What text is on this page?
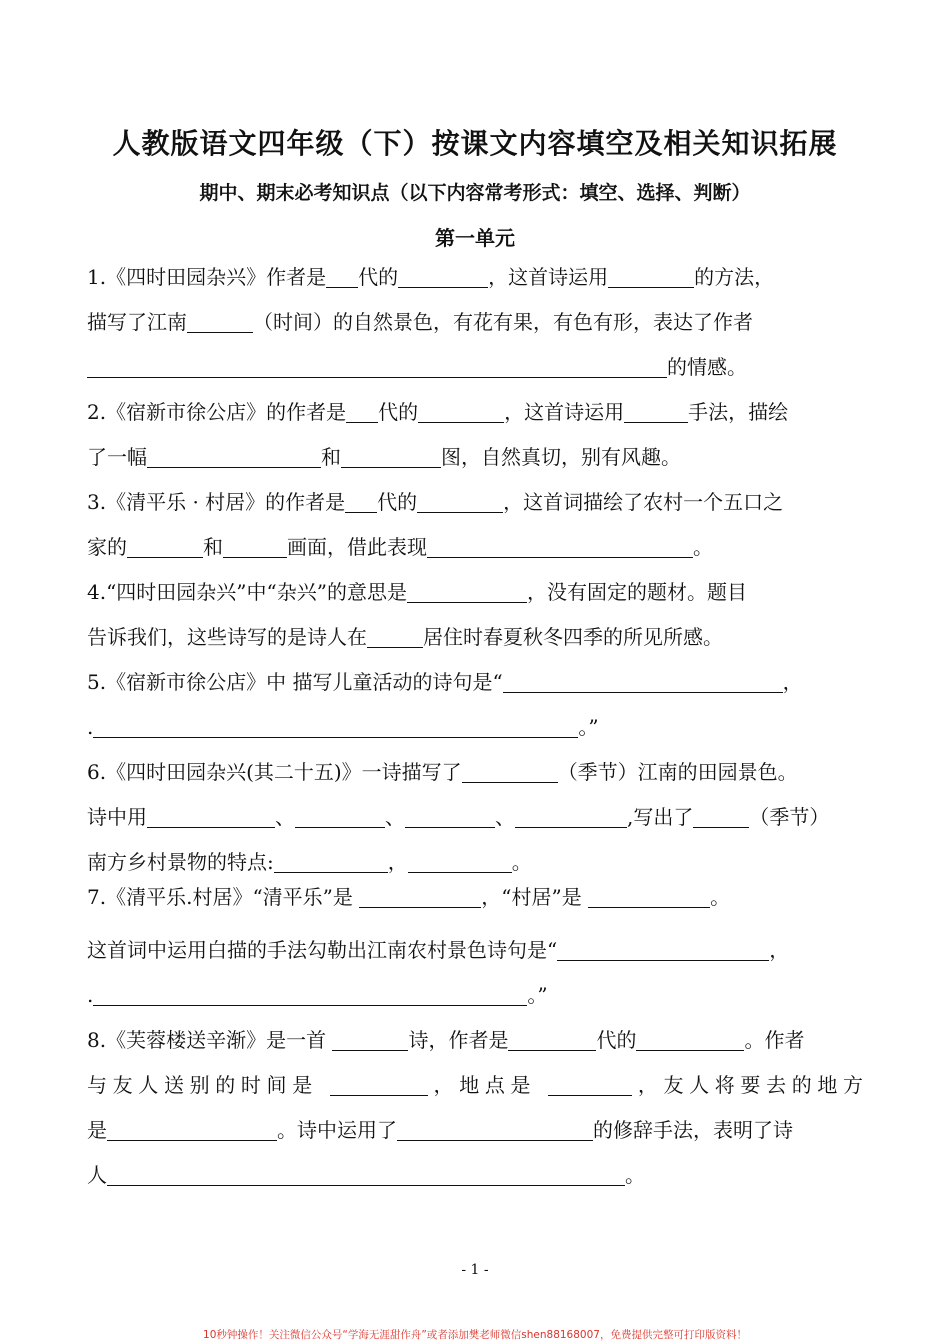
人教版语文四年级（下）按课文内容填空及相关知识拓展
期中、期末必考知识点（以下内容常考形式：填空、选择、判断）
第一单元
1.《四时田园杂兴》作者是 代的	，这首诗运用	的方法，
描写了江南	（时间）的自然景色，有花有果，有色有形，表达了作者
的情感。
2.《宿新市徐公店》的作者是 代的	，这首诗运用	手法，描绘
了一幅	和	图，自然真切，别有风趣。
3.《清平乐 · 村居》的作者是 代的	，这首词描绘了农村一个五口之
家的	和	画面，借此表现	。
4.“四时田园杂兴”中“杂兴”的意思是	，没有固定的题材。题目
告诉我们，这些诗写的是诗人在	居住时春夏秋冬四季的所见所感。
5.《宿新市徐公店》中 描写儿童活动的诗句是“	，
.	。”
6.《四时田园杂兴(其二十五)》一诗描写了	（季节）江南的田园景色。
诗中用	、	、	、	,写出了	（季节）
南方乡村景物的特点:	，	。
7.《清平乐.村居》“清平乐”是	，“村居”是	。
这首词中运用白描的手法勾勒出江南农村景色诗句是“	，
.	。”
8.《芙蓉楼送辛渐》是一首	诗，作者是	代的	。作者
与友人送别的时间是	，地点是	，友人将要去的地方
是	。诗中运用了	的修辞手法，表明了诗
人	。
- 1 -
10秒钟操作！关注微信公众号“学海无涯甜作舟”或者添加樊老师微信shen88168007，免费提供完整可打印版资料！
